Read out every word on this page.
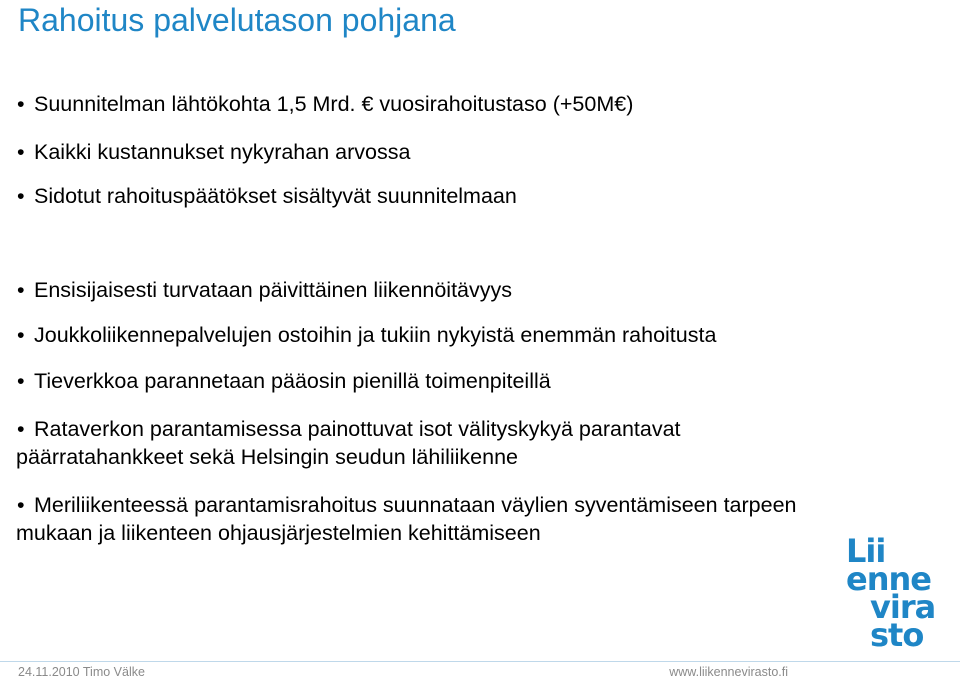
Rahoitus palvelutason pohjana
• Suunnitelman lähtökohta 1,5 Mrd. € vuosirahoitustaso (+50M€)
• Kaikki kustannukset nykyrahan arvossa
• Sidotut rahoituspäätökset sisältyvät suunnitelmaan
• Ensisijaisesti turvataan päivittäinen liikennöitävyys
• Joukkoliikennepalvelujen ostoihin ja tukiin nykyistä enemmän rahoitusta
• Tieverkkoa parannetaan pääosin pienillä toimenpiteillä
• Rataverkon parantamisessa painottuvat isot välityskykyä parantavat
päärratahankkeet sekä Helsingin seudun lähiliikenne
• Meriliikenteessä parantamisrahoitus suunnataan väylien syventämiseen tarpeen
mukaan ja liikenteen ohjausjärjestelmien kehittämiseen	Lii
enne
vira
sto
24.11.2010 Timo Välke	www.liikennevirasto.fi
